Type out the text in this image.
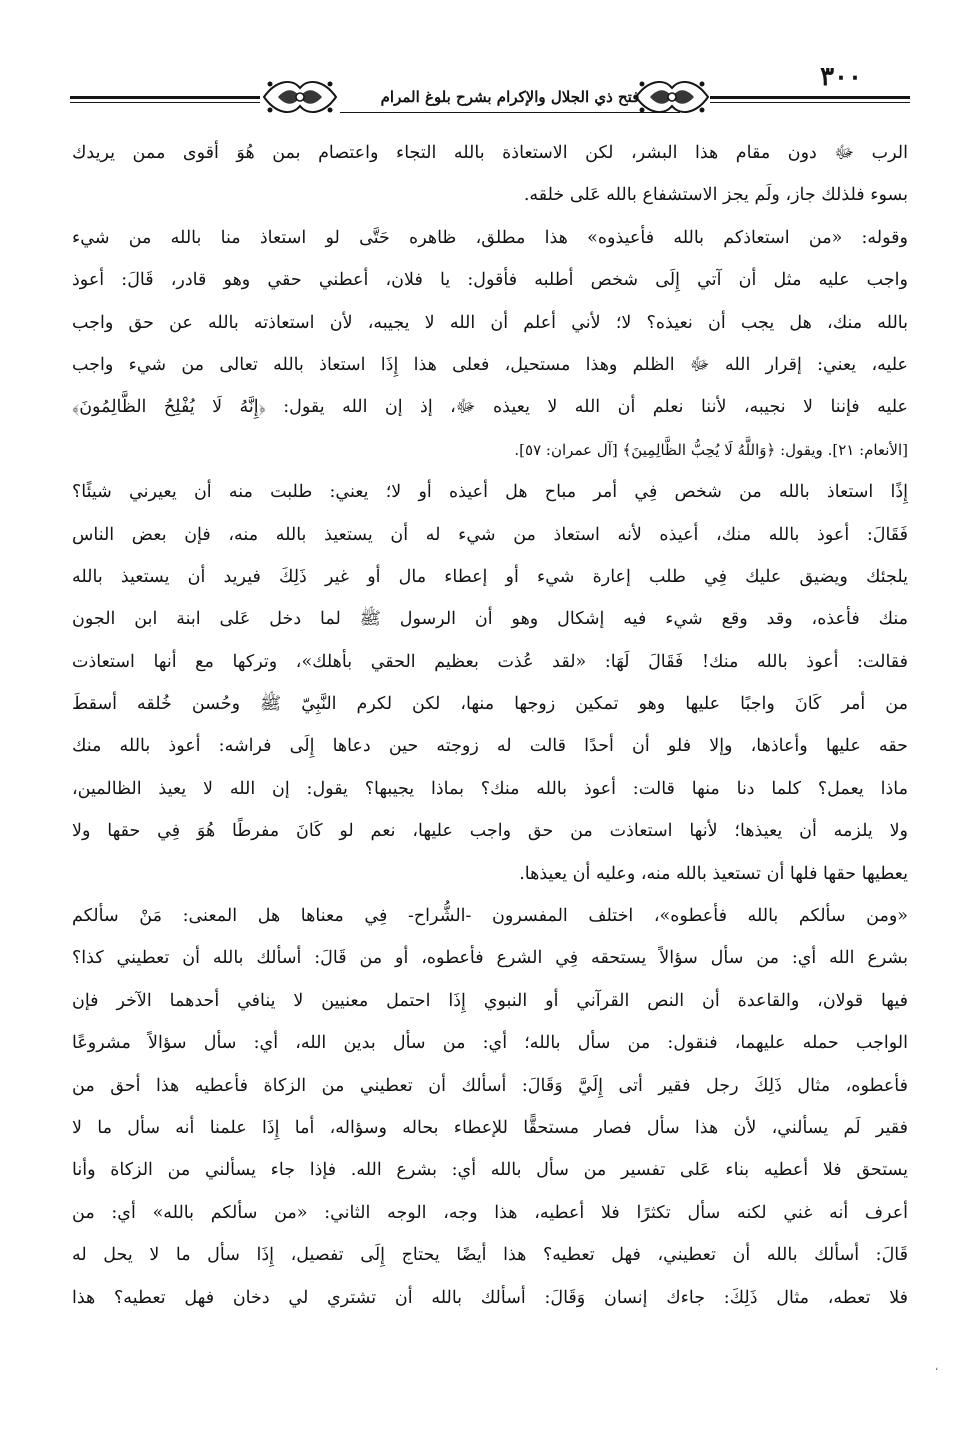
٣٠٠
فتح ذي الجلال والإكرام بشرح بلوغ المرام
الرب ﷻ دون مقام هذا البشر، لكن الاستعاذة بالله التجاء واعتصام بمن هُوَ أقوى ممن يريدك
بسوء فلذلك جاز، ولَم يجز الاستشفاع بالله عَلى خلقه.
وقوله: «من استعاذكم بالله فأعيذوه» هذا مطلق، ظاهره حَتَّى لو استعاذ منا بالله من شيء
واجب عليه مثل أن آتي إِلَى شخص أطلبه فأقول: يا فلان، أعطني حقي وهو قادر، قَالَ: أعوذ
بالله منك، هل يجب أن نعيذه؟ لا؛ لأني أعلم أن الله لا يجيبه، لأن استعاذته بالله عن حق واجب
عليه، يعني: إقرار الله ﷻ الظلم وهذا مستحيل، فعلى هذا إِذَا استعاذ بالله تعالى من شيء واجب
عليه فإننا لا نجيبه، لأننا نعلم أن الله لا يعيذه ﷻ، إذ إن الله يقول: ﴿إِنَّهُ لَا يُفْلِحُ الظَّالِمُونَ﴾
[الأنعام: ٢١]. ويقول: ﴿وَاللَّهُ لَا يُحِبُّ الظَّالِمِينَ﴾ [آل عمران: ٥٧].
إِذًا استعاذ بالله من شخص فِي أمر مباح هل أعيذه أو لا؛ يعني: طلبت منه أن يعيرني شيئًا؟
فَقَالَ: أعوذ بالله منك، أعيذه لأنه استعاذ من شيء له أن يستعيذ بالله منه، فإن بعض الناس
يلجئك ويضيق عليك فِي طلب إعارة شيء أو إعطاء مال أو غير ذَلِكَ فيريد أن يستعيذ بالله
منك فأعذه، وقد وقع شيء فيه إشكال وهو أن الرسول ﷺ لما دخل عَلى ابنة ابن الجون
فقالت: أعوذ بالله منك! فَقَالَ لَهَا: «لقد عُذت بعظيم الحقي بأهلك»، وتركها مع أنها استعاذت
من أمر كَانَ واجبًا عليها وهو تمكين زوجها منها، لكن لكرم النَّبِيّ ﷺ وحُسن خُلقه أسقطَ
حقه عليها وأعاذها، وإلا فلو أن أحدًا قالت له زوجته حين دعاها إِلَى فراشه: أعوذ بالله منك
ماذا يعمل؟ كلما دنا منها قالت: أعوذ بالله منك؟ بماذا يجيبها؟ يقول: إن الله لا يعيذ الظالمين،
ولا يلزمه أن يعيذها؛ لأنها استعاذت من حق واجب عليها، نعم لو كَانَ مفرطًا هُوَ فِي حقها ولا
يعطيها حقها فلها أن تستعيذ بالله منه، وعليه أن يعيذها.
«ومن سألكم بالله فأعطوه»، اختلف المفسرون -الشُّراح- فِي معناها هل المعنى: مَنْ سألكم
بشرع الله أي: من سأل سؤالاً يستحقه فِي الشرع فأعطوه، أو من قَالَ: أسألك بالله أن تعطيني كذا؟
فيها قولان، والقاعدة أن النص القرآني أو النبوي إِذَا احتمل معنيين لا ينافي أحدهما الآخر فإن
الواجب حمله عليهما، فنقول: من سأل بالله؛ أي: من سأل بدين الله، أي: سأل سؤالاً مشروعًا
فأعطوه، مثال ذَلِكَ رجل فقير أتى إِلَيَّ وَقَالَ: أسألك أن تعطيني من الزكاة فأعطيه هذا أحق من
فقير لَم يسألني، لأن هذا سأل فصار مستحقًّا للإعطاء بحاله وسؤاله، أما إِذَا علمنا أنه سأل ما لا
يستحق فلا أعطيه بناء عَلى تفسير من سأل بالله أي: بشرع الله. فإذا جاء يسألني من الزكاة وأنا
أعرف أنه غني لكنه سأل تكثرًا فلا أعطيه، هذا وجه، الوجه الثاني: «من سألكم بالله» أي: من
قَالَ: أسألك بالله أن تعطيني، فهل تعطيه؟ هذا أيضًا يحتاج إِلَى تفصيل، إِذَا سأل ما لا يحل له
فلا تعطه، مثال ذَلِكَ: جاءك إنسان وَقَالَ: أسألك بالله أن تشتري لي دخان فهل تعطيه؟ هذا
،
